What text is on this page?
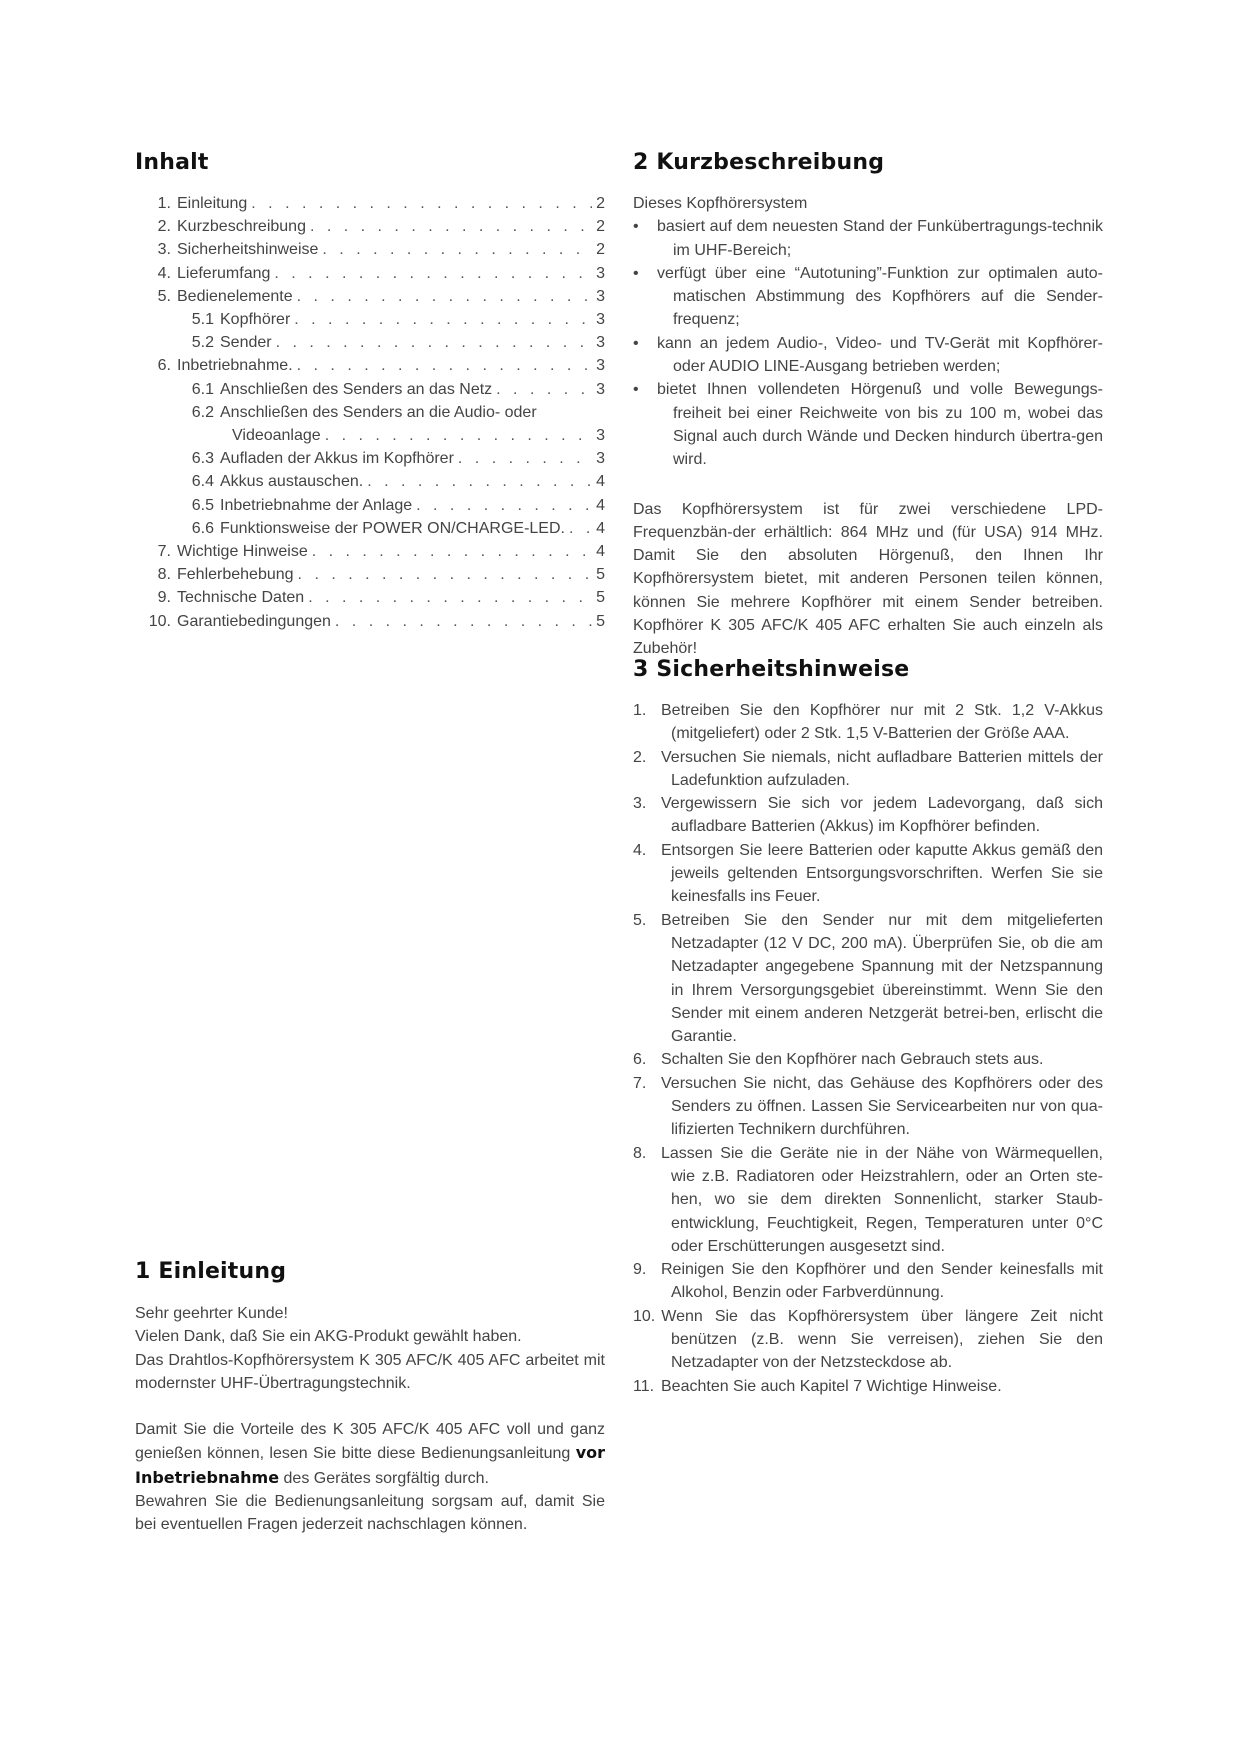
Inhalt
1. Einleitung . . .	2
2. Kurzbeschreibung . . .	2
3. Sicherheitshinweise . . .	2
4. Lieferumfang . . .	3
5. Bedienelemente . . .	3
5.1 Kopfhörer . . .	3
5.2 Sender . . .	3
6. Inbetriebnahme. . . .	3
6.1 Anschließen des Senders an das Netz . . .	3
6.2 Anschließen des Senders an die Audio- oder
Videoanlage . . .	3
6.3 Aufladen der Akkus im Kopfhörer . . .	3
6.4 Akkus austauschen. . . .	4
6.5 Inbetriebnahme der Anlage . . .	4
6.6 Funktionsweise der POWER ON/CHARGE-LED. . . . 4
7. Wichtige Hinweise . . .	4
8. Fehlerbehebung . . .	5
9. Technische Daten . . .	5
10. Garantiebedingungen . . .	5
1 Einleitung

Sehr geehrter Kunde!

Vielen Dank, daß Sie ein AKG-Produkt gewählt haben.

Das Drahtlos-Kopfhörersystem K 305 AFC/K 405 AFC arbeitet mit modernster UHF-Übertragungstechnik.

Damit Sie die Vorteile des K 305 AFC/K 405 AFC voll und ganz genießen können, lesen Sie bitte diese Bedienungsanleitung vor Inbetriebnahme des Gerätes sorgfältig durch.

Bewahren Sie die Bedienungsanleitung sorgsam auf, damit Sie bei eventuellen Fragen jederzeit nachschlagen können.

2 Kurzbeschreibung

Dieses Kopfhörersystem

• basiert auf dem neuesten Stand der Funkübertragungs-technik im UHF-Bereich;
• verfügt über eine “Autotuning”-Funktion zur optimalen auto-matischen Abstimmung des Kopfhörers auf die Sender-frequenz;
• kann an jedem Audio-, Video- und TV-Gerät mit Kopfhörer-oder AUDIO LINE-Ausgang betrieben werden;
• bietet Ihnen vollendeten Hörgenuß und volle Bewegungs-freiheit bei einer Reichweite von bis zu 100 m, wobei das Signal auch durch Wände und Decken hindurch übertra-gen wird.

Das Kopfhörersystem ist für zwei verschiedene LPD-Frequenzbän-der erhältlich: 864 MHz und (für USA) 914 MHz. Damit Sie den absoluten Hörgenuß, den Ihnen Ihr Kopfhörersystem bietet, mit anderen Personen teilen können, können Sie mehrere Kopfhörer mit einem Sender betreiben. Kopfhörer K 305 AFC/K 405 AFC erhalten Sie auch einzeln als Zubehör!

3 Sicherheitshinweise
1. Betreiben Sie den Kopfhörer nur mit 2 Stk. 1,2 V-Akkus (mitgeliefert) oder 2 Stk. 1,5 V-Batterien der Größe AAA.
2. Versuchen Sie niemals, nicht aufladbare Batterien mittels der Ladefunktion aufzuladen.
3. Vergewissern Sie sich vor jedem Ladevorgang, daß sich aufladbare Batterien (Akkus) im Kopfhörer befinden.
4. Entsorgen Sie leere Batterien oder kaputte Akkus gemäß den jeweils geltenden Entsorgungsvorschriften. Werfen Sie sie keinesfalls ins Feuer.
5. Betreiben Sie den Sender nur mit dem mitgelieferten Netzadapter (12 V DC, 200 mA). Überprüfen Sie, ob die am Netzadapter angegebene Spannung mit der Netzspannung in Ihrem Versorgungsgebiet übereinstimmt. Wenn Sie den Sender mit einem anderen Netzgerät betrei-ben, erlischt die Garantie.
6. Schalten Sie den Kopfhörer nach Gebrauch stets aus.
7. Versuchen Sie nicht, das Gehäuse des Kopfhörers oder des Senders zu öffnen. Lassen Sie Servicearbeiten nur von qua-lifizierten Technikern durchführen.
8. Lassen Sie die Geräte nie in der Nähe von Wärmequellen, wie z.B. Radiatoren oder Heizstrahlern, oder an Orten ste-hen, wo sie dem direkten Sonnenlicht, starker Staub-entwicklung, Feuchtigkeit, Regen, Temperaturen unter 0°C oder Erschütterungen ausgesetzt sind.
9. Reinigen Sie den Kopfhörer und den Sender keinesfalls mit Alkohol, Benzin oder Farbverdünnung.
10. Wenn Sie das Kopfhörersystem über längere Zeit nicht benützen (z.B. wenn Sie verreisen), ziehen Sie den Netzadapter von der Netzsteckdose ab.
11. Beachten Sie auch Kapitel 7 Wichtige Hinweise.
